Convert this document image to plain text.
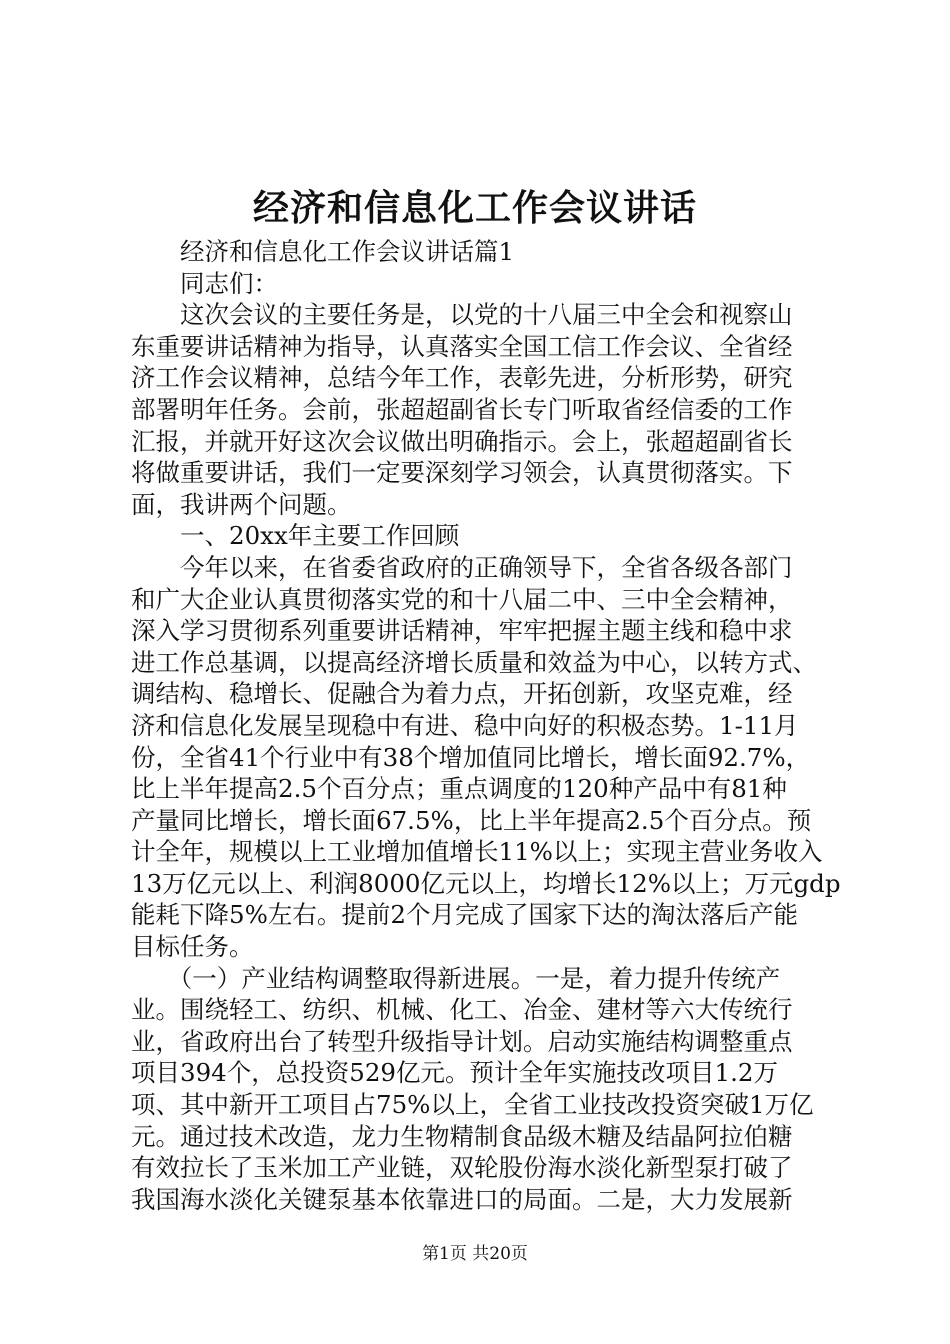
经济和信息化工作会议讲话
　　经济和信息化工作会议讲话篇1
　　同志们：
　　这次会议的主要任务是，以党的十八届三中全会和视察山
东重要讲话精神为指导，认真落实全国工信工作会议、全省经
济工作会议精神，总结今年工作，表彰先进，分析形势，研究
部署明年任务。会前，张超超副省长专门听取省经信委的工作
汇报，并就开好这次会议做出明确指示。会上，张超超副省长
将做重要讲话，我们一定要深刻学习领会，认真贯彻落实。下
面，我讲两个问题。
　　一、20xx年主要工作回顾
　　今年以来，在省委省政府的正确领导下，全省各级各部门
和广大企业认真贯彻落实党的和十八届二中、三中全会精神，
深入学习贯彻系列重要讲话精神，牢牢把握主题主线和稳中求
进工作总基调，以提高经济增长质量和效益为中心，以转方式、
调结构、稳增长、促融合为着力点，开拓创新，攻坚克难，经
济和信息化发展呈现稳中有进、稳中向好的积极态势。1-11月
份，全省41个行业中有38个增加值同比增长，增长面92.7%，
比上半年提高2.5个百分点；重点调度的120种产品中有81种
产量同比增长，增长面67.5%，比上半年提高2.5个百分点。预
计全年，规模以上工业增加值增长11%以上；实现主营业务收入
13万亿元以上、利润8000亿元以上，均增长12%以上；万元gdp
能耗下降5%左右。提前2个月完成了国家下达的淘汰落后产能
目标任务。
　　（一）产业结构调整取得新进展。一是，着力提升传统产
业。围绕轻工、纺织、机械、化工、冶金、建材等六大传统行
业，省政府出台了转型升级指导计划。启动实施结构调整重点
项目394个，总投资529亿元。预计全年实施技改项目1.2万
项、其中新开工项目占75%以上，全省工业技改投资突破1万亿
元。通过技术改造，龙力生物精制食品级木糖及结晶阿拉伯糖
有效拉长了玉米加工产业链，双轮股份海水淡化新型泵打破了
我国海水淡化关键泵基本依靠进口的局面。二是，大力发展新
第1页 共20页
